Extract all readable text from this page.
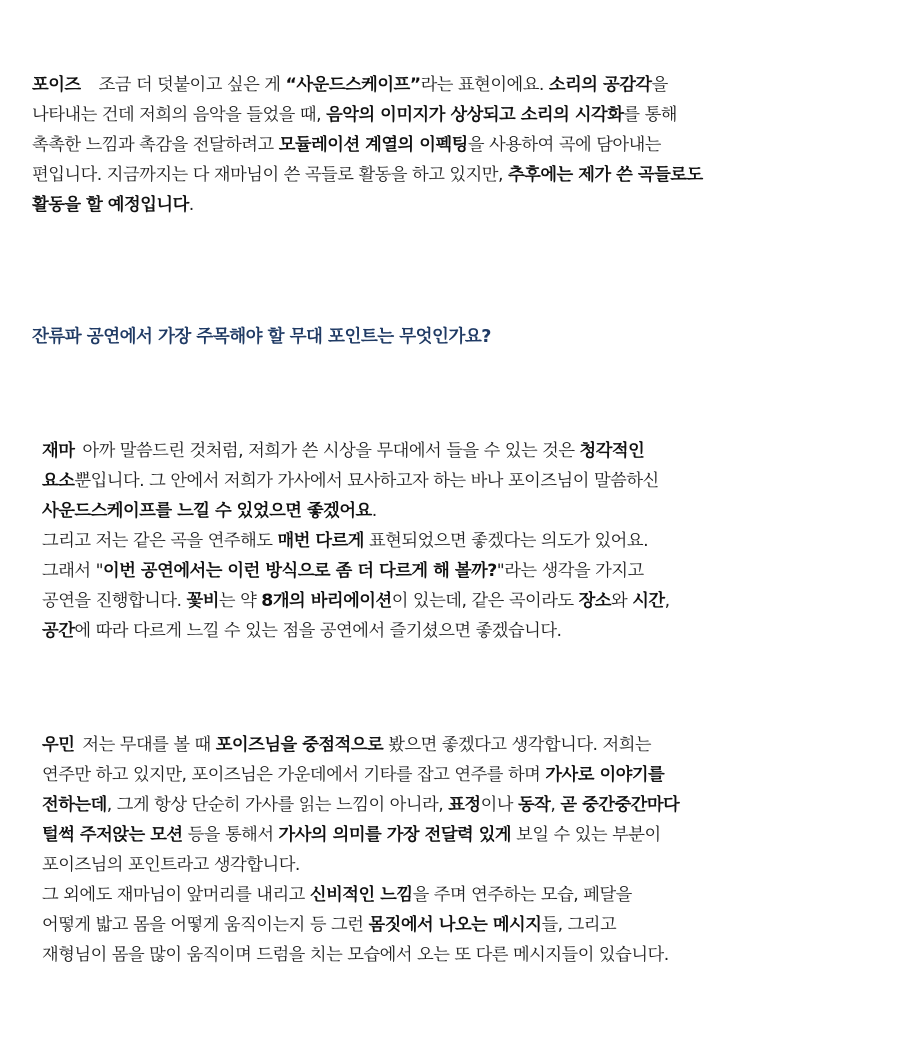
포이즈 조금 더 덧붙이고 싶은 게 “사운드스케이프”라는 표현이에요. 소리의 공감각을
나타내는 건데 저희의 음악을 들었을 때, 음악의 이미지가 상상되고 소리의 시각화를 통해
촉촉한 느낌과 촉감을 전달하려고 모듈레이션 계열의 이펙팅을 사용하여 곡에 담아내는
편입니다. 지금까지는 다 재마님이 쓴 곡들로 활동을 하고 있지만, 추후에는 제가 쓴 곡들로도
활동을 할 예정입니다.
잔류파 공연에서 가장 주목해야 할 무대 포인트는 무엇인가요?
재마 아까 말씀드린 것처럼, 저희가 쓴 시상을 무대에서 들을 수 있는 것은 청각적인
요소뿐입니다. 그 안에서 저희가 가사에서 묘사하고자 하는 바나 포이즈님이 말씀하신
사운드스케이프를 느낄 수 있었으면 좋겠어요.
그리고 저는 같은 곡을 연주해도 매번 다르게 표현되었으면 좋겠다는 의도가 있어요.
그래서 "이번 공연에서는 이런 방식으로 좀 더 다르게 해 볼까?"라는 생각을 가지고
공연을 진행합니다. 꽃비는 약 8개의 바리에이션이 있는데, 같은 곡이라도 장소와 시간,
공간에 따라 다르게 느낄 수 있는 점을 공연에서 즐기셨으면 좋겠습니다.
우민 저는 무대를 볼 때 포이즈님을 중점적으로 봤으면 좋겠다고 생각합니다. 저희는
연주만 하고 있지만, 포이즈님은 가운데에서 기타를 잡고 연주를 하며 가사로 이야기를
전하는데, 그게 항상 단순히 가사를 읽는 느낌이 아니라, 표정이나 동작, 곧 중간중간마다
털썩 주저앉는 모션 등을 통해서 가사의 의미를 가장 전달력 있게 보일 수 있는 부분이
포이즈님의 포인트라고 생각합니다.
그 외에도 재마님이 앞머리를 내리고 신비적인 느낌을 주며 연주하는 모습, 페달을
어떻게 밟고 몸을 어떻게 움직이는지 등 그런 몸짓에서 나오는 메시지들, 그리고
재형님이 몸을 많이 움직이며 드럼을 치는 모습에서 오는 또 다른 메시지들이 있습니다.
